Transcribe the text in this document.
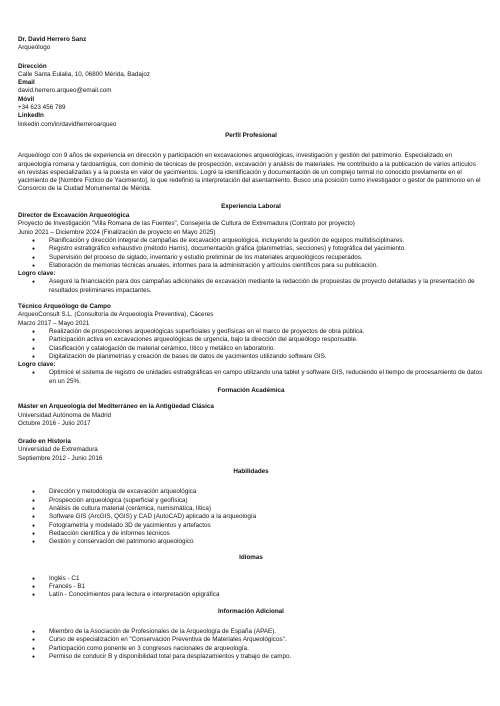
Dr. David Herrero Sanz
Arqueólogo
Dirección
Calle Santa Eulalia, 10, 06800 Mérida, Badajoz
Email
david.herrero.arqueo@email.com
Móvil
+34 623 456 789
LinkedIn
linkedin.com/in/davidherrerоarqueo
Perfil Profesional
Arqueólogo con 9 años de experiencia en dirección y participación en excavaciones arqueológicas, investigación y gestión del patrimonio. Especializado en arqueología romana y tardoantigua, con dominio de técnicas de prospección, excavación y análisis de materiales. He contribuido a la publicación de varios artículos en revistas especializadas y a la puesta en valor de yacimientos. Logré la identificación y documentación de un complejo termal no conocido previamente en el yacimiento de [Nombre Ficticio de Yacimiento], lo que redefinió la interpretación del asentamiento. Busco una posición como investigador o gestor de patrimonio en el Consorcio de la Ciudad Monumental de Mérida.
Experiencia Laboral
Director de Excavación Arqueológica
Proyecto de Investigación "Villa Romana de las Fuentes", Consejería de Cultura de Extremadura (Contrato por proyecto)
Junio 2021 – Diciembre 2024 (Finalización de proyecto en Mayo 2025)
● Planificación y dirección integral de campañas de excavación arqueológica, incluyendo la gestión de equipos multidisciplinares.
● Registro estratigráfico exhaustivo (método Harris), documentación gráfica (planimetrías, secciones) y fotográfica del yacimiento.
● Supervisión del proceso de siglado, inventario y estudio preliminar de los materiales arqueológicos recuperados.
● Elaboración de memorias técnicas anuales, informes para la administración y artículos científicos para su publicación.
Logro clave:
● Aseguré la financiación para dos campañas adicionales de excavación mediante la redacción de propuestas de proyecto detalladas y la presentación de resultados preliminares impactantes.
Técnico Arqueólogo de Campo
ArqueoConsult S.L. (Consultoría de Arqueología Preventiva), Cáceres
Marzo 2017 – Mayo 2021
● Realización de prospecciones arqueológicas superficiales y geofísicas en el marco de proyectos de obra pública.
● Participación activa en excavaciones arqueológicas de urgencia, bajo la dirección del arqueólogo responsable.
● Clasificación y catalogación de material cerámico, lítico y metálico en laboratorio.
● Digitalización de planimetrías y creación de bases de datos de yacimientos utilizando software GIS.
Logro clave:
● Optimicé el sistema de registro de unidades estratigráficas en campo utilizando una tablet y software GIS, reduciendo el tiempo de procesamiento de datos en un 25%.
Formación Académica
Máster en Arqueología del Mediterráneo en la Antigüedad Clásica
Universidad Autónoma de Madrid
Octubre 2016 - Julio 2017
Grado en Historia
Universidad de Extremadura
Septiembre 2012 - Junio 2016
Habilidades
● Dirección y metodología de excavación arqueológica
● Prospección arqueológica (superficial y geofísica)
● Análisis de cultura material (cerámica, numismática, lítica)
● Software GIS (ArcGIS, QGIS) y CAD (AutoCAD) aplicado a la arqueología
● Fotogrametría y modelado 3D de yacimientos y artefactos
● Redacción científica y de informes técnicos
● Gestión y conservación del patrimonio arqueológico
Idiomas
● Inglés - C1
● Francés - B1
● Latín - Conocimientos para lectura e interpretación epigráfica
Información Adicional
● Miembro de la Asociación de Profesionales de la Arqueología de España (APAE).
● Curso de especialización en "Conservación Preventiva de Materiales Arqueológicos".
● Participación como ponente en 3 congresos nacionales de arqueología.
● Permiso de conducir B y disponibilidad total para desplazamientos y trabajo de campo.
